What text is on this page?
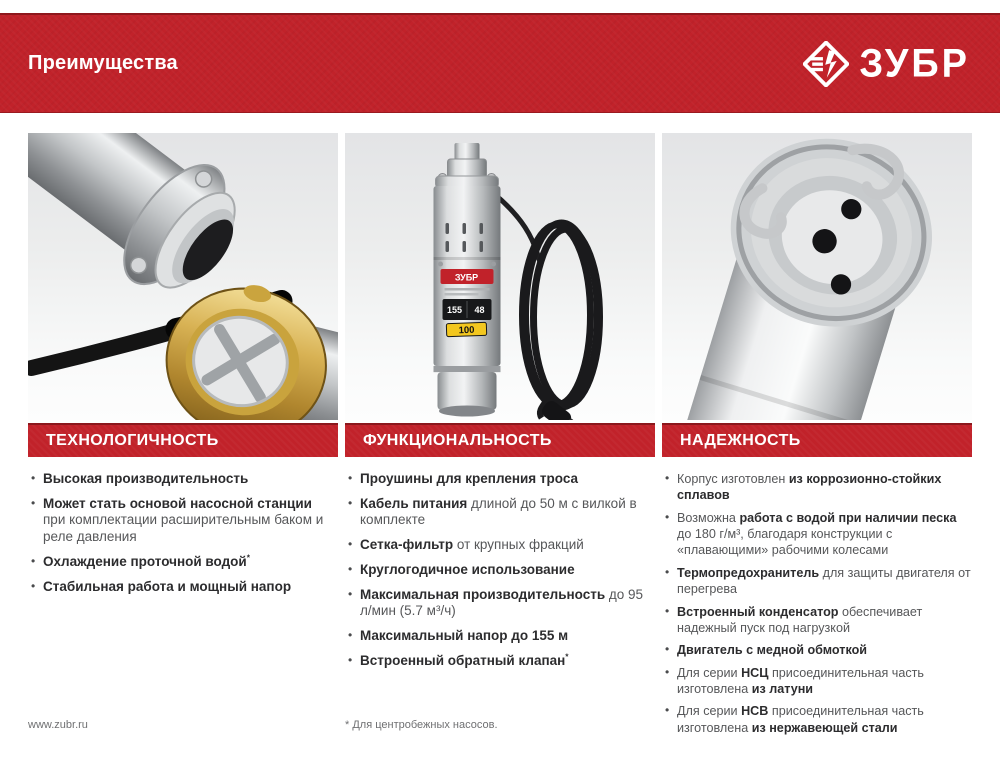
Преимущества	ЗУБР
ЗУБР
155 48
100
ТЕХНОЛОГИЧНОСТЬ
• Высокая производительность
• Может стать основой насосной станции при комплектации расширительным баком и реле давления
• Охлаждение проточной водой*
• Стабильная работа и мощный напор
ФУНКЦИОНАЛЬНОСТЬ
• Проушины для крепления троса
• Кабель питания длиной до 50 м с вилкой в комплекте
• Сетка-фильтр от крупных фракций
• Круглогодичное использование
• Максимальная производительность до 95 л/мин (5.7 м³/ч)
• Максимальный напор до 155 м
• Встроенный обратный клапан*
НАДЕЖНОСТЬ
• Корпус изготовлен из коррозионно-стойких сплавов
• Возможна работа с водой при наличии песка до 180 г/м³, благодаря конструкции с «плавающими» рабочими колесами
• Термопредохранитель для защиты двигателя от перегрева
• Встроенный конденсатор обеспечивает надежный пуск под нагрузкой
• Двигатель с медной обмоткой
• Для серии НСЦ присоединительная часть изготовлена из латуни
• Для серии НСВ присоединительная часть изготовлена из нержавеющей стали
www.zubr.ru	* Для центробежных насосов.
